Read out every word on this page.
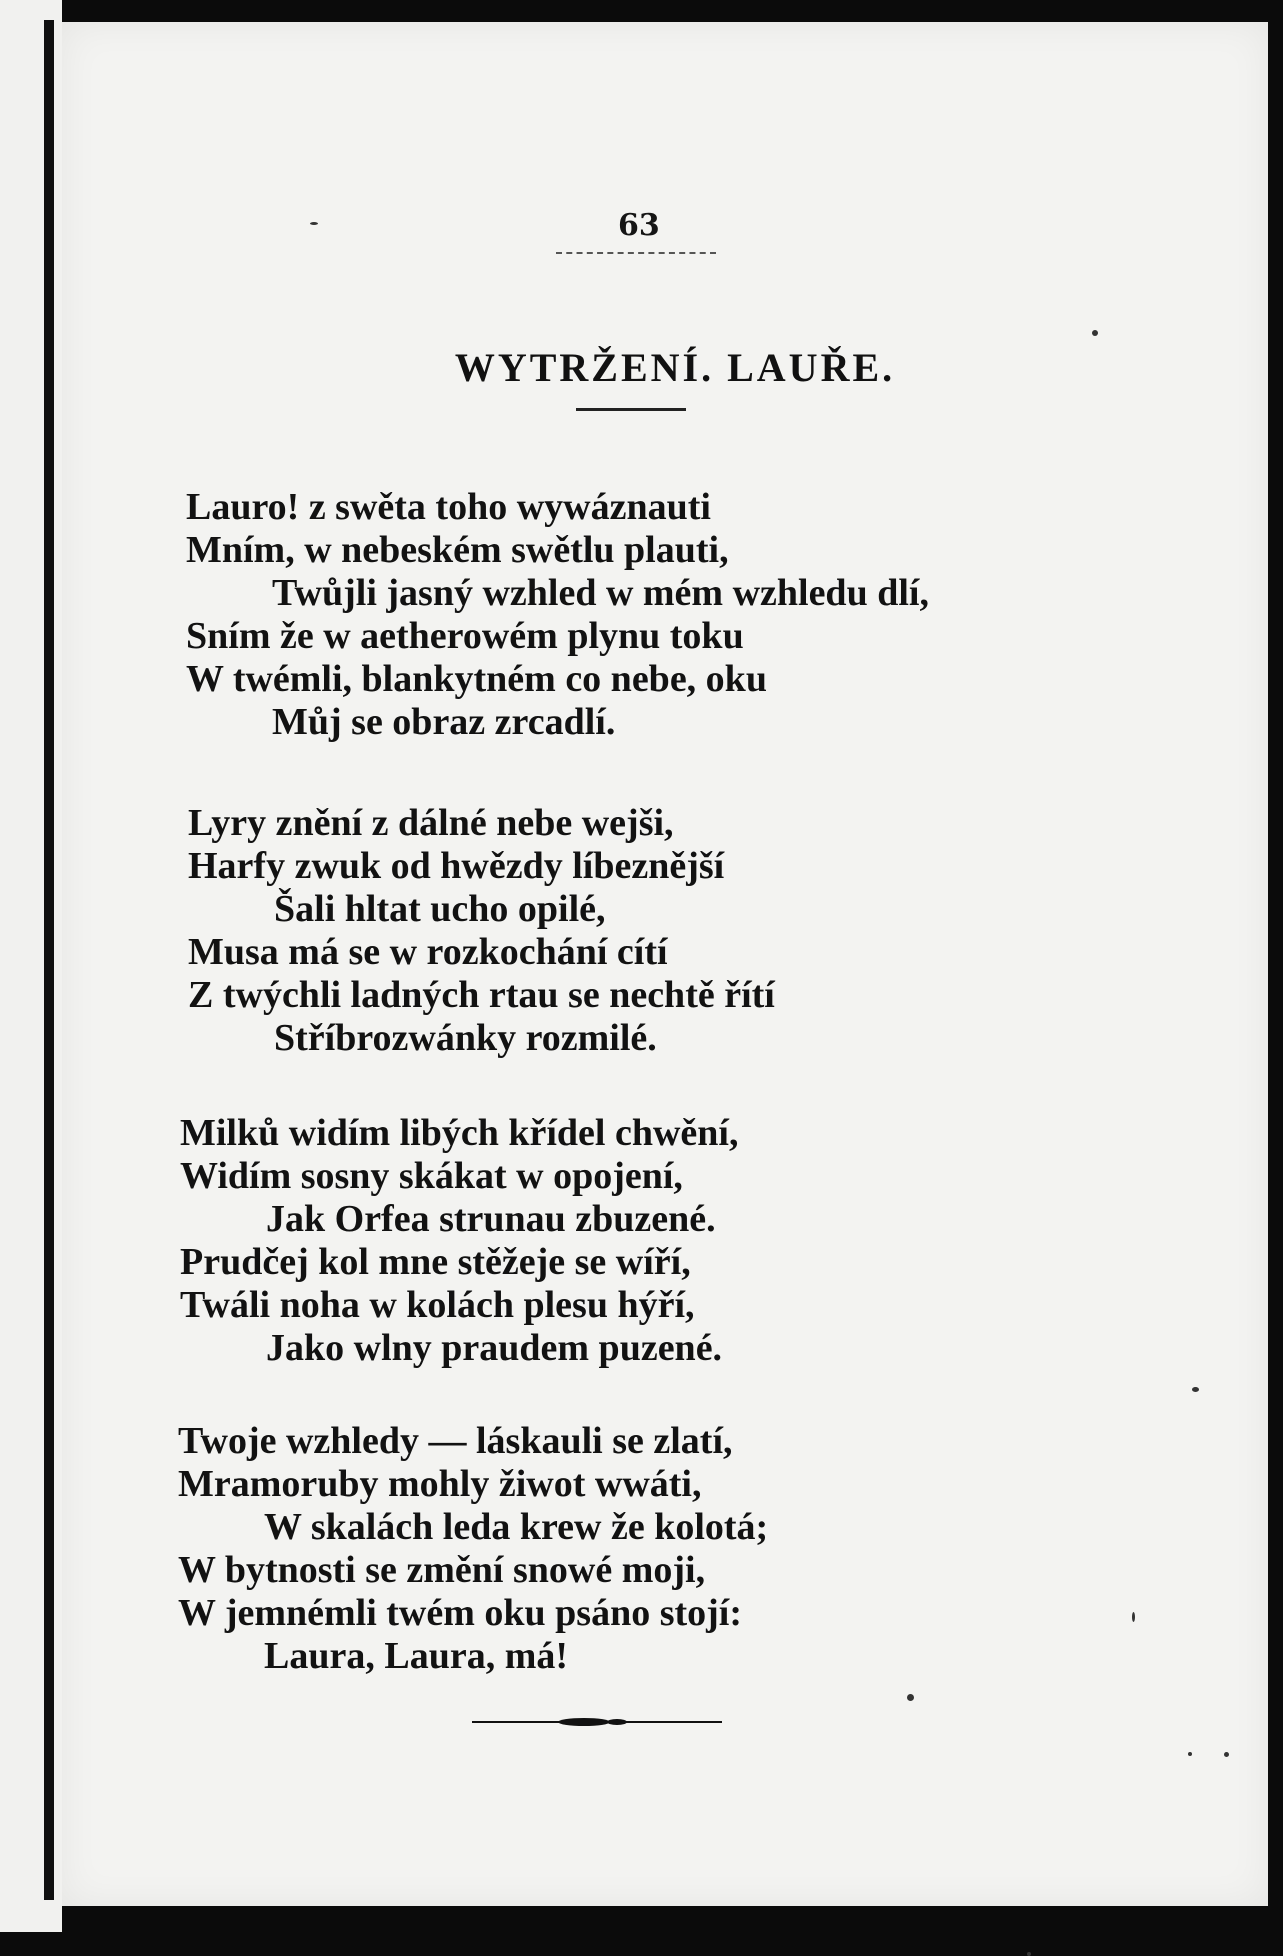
63
WYTRŽENÍ. LAUŘE.
Lauro! z swěta toho wywáznauti
Mním, w nebeském swětlu plauti,
Twůjli jasný wzhled w mém wzhledu dlí,
Sním že w aetherowém plynu toku
W twémli, blankytném co nebe, oku
Můj se obraz zrcadlí.
Lyry znění z dálné nebe wejši,
Harfy zwuk od hwězdy líbeznější
Šali hltat ucho opilé,
Musa má se w rozkochání cítí
Z twýchli ladných rtau se nechtě řítí
Stříbrozwánky rozmilé.
Milků widím libých křídel chwění,
Widím sosny skákat w opojení,
Jak Orfea strunau zbuzené.
Prudčej kol mne stěžeje se wíří,
Twáli noha w kolách plesu hýří,
Jako wlny praudem puzené.
Twoje wzhledy — láskauli se zlatí,
Mramoruby mohly žiwot wwáti,
W skalách leda krew že kolotá;
W bytnosti se změní snowé moji,
W jemnémli twém oku psáno stojí:
Laura, Laura, má!
